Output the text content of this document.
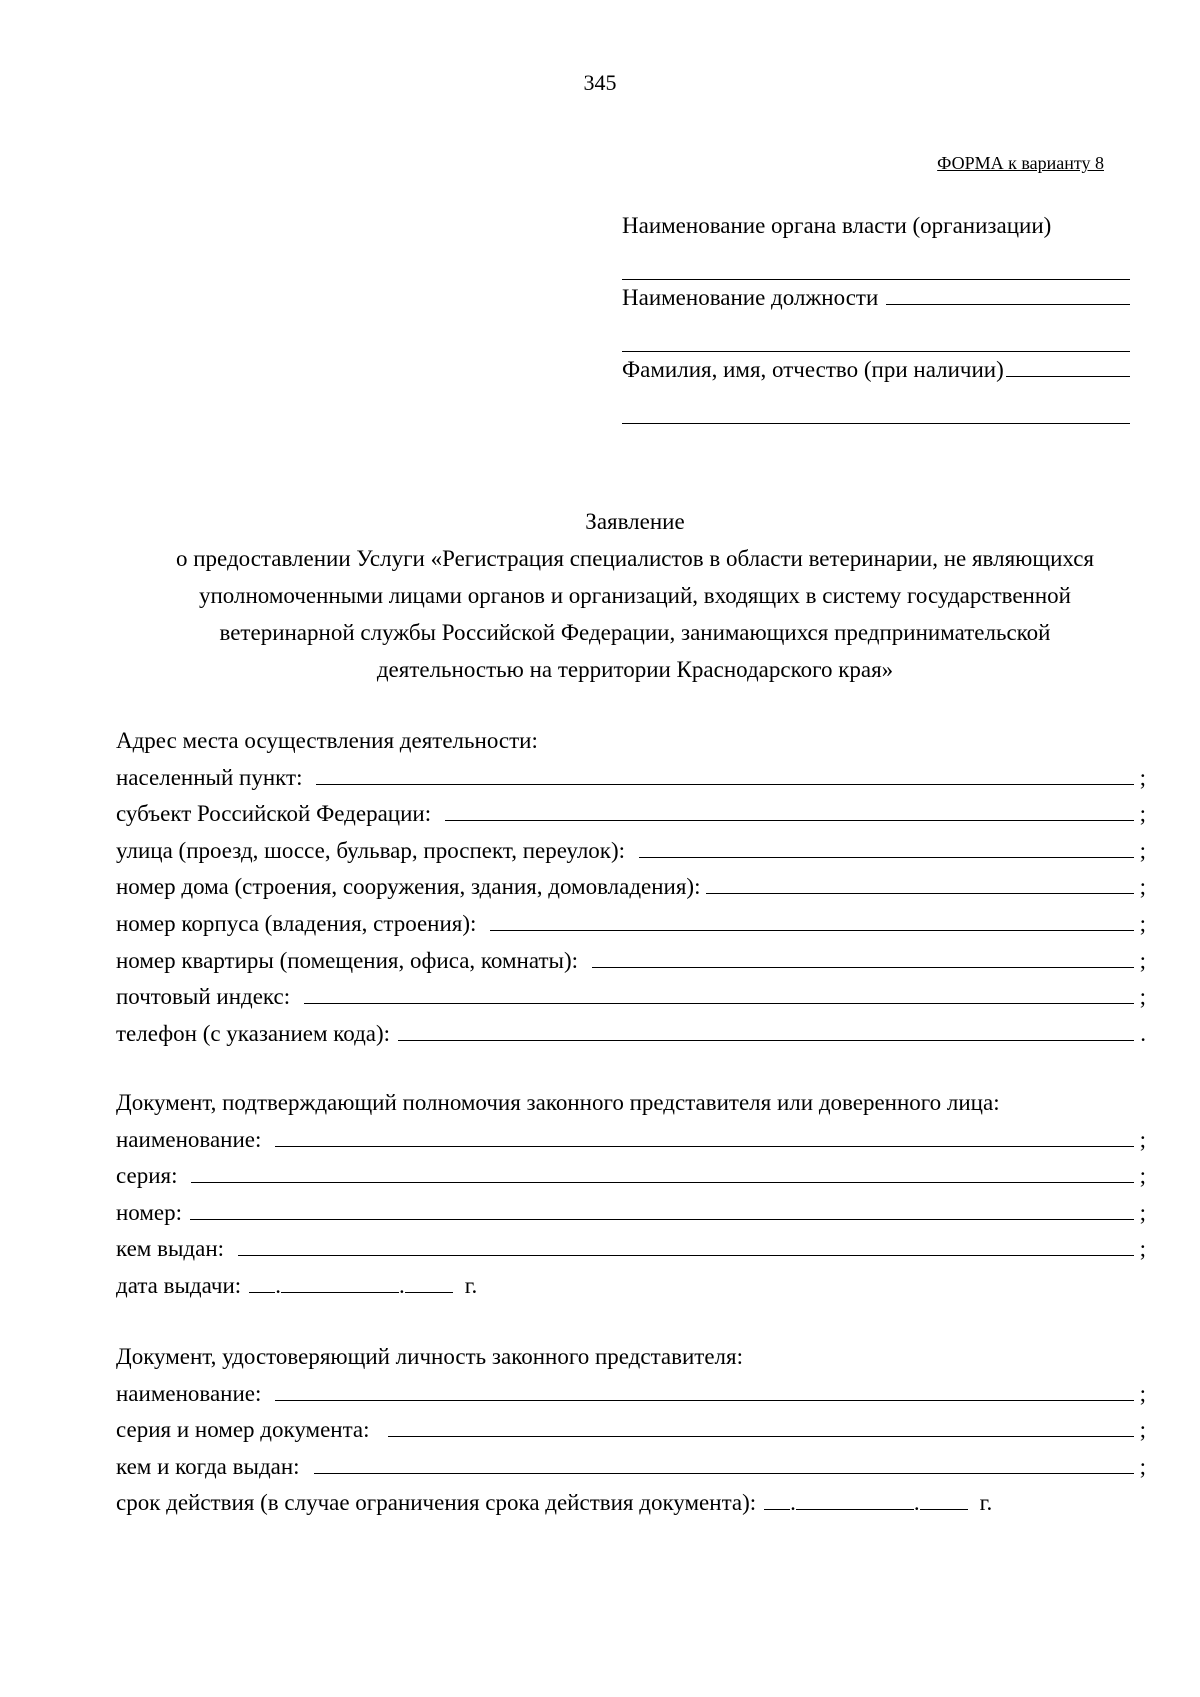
345
ФОРМА к варианту 8
Наименование органа власти (организации)
Наименование должности
Фамилия, имя, отчество (при наличии)
Заявление
о предоставлении Услуги «Регистрация специалистов в области ветеринарии, не являющихся
уполномоченными лицами органов и организаций, входящих в систему государственной
ветеринарной службы Российской Федерации, занимающихся предпринимательской
деятельностью на территории Краснодарского края»
Адрес места осуществления деятельности:
населенный пункт:	;
субъект Российской Федерации:	;
улица (проезд, шоссе, бульвар, проспект, переулок):	;
номер дома (строения, сооружения, здания, домовладения):	;
номер корпуса (владения, строения):	;
номер квартиры (помещения, офиса, комнаты):	;
почтовый индекс:	;
телефон (с указанием кода):	.
Документ, подтверждающий полномочия законного представителя или доверенного лица:
наименование:	;
серия:	;
номер:	;
кем выдан:	;
дата выдачи: .	.	г.
Документ, удостоверяющий личность законного представителя:
наименование:	;
серия и номер документа:	;
кем и когда выдан:	;
срок действия (в случае ограничения срока действия документа): .	.	г.
